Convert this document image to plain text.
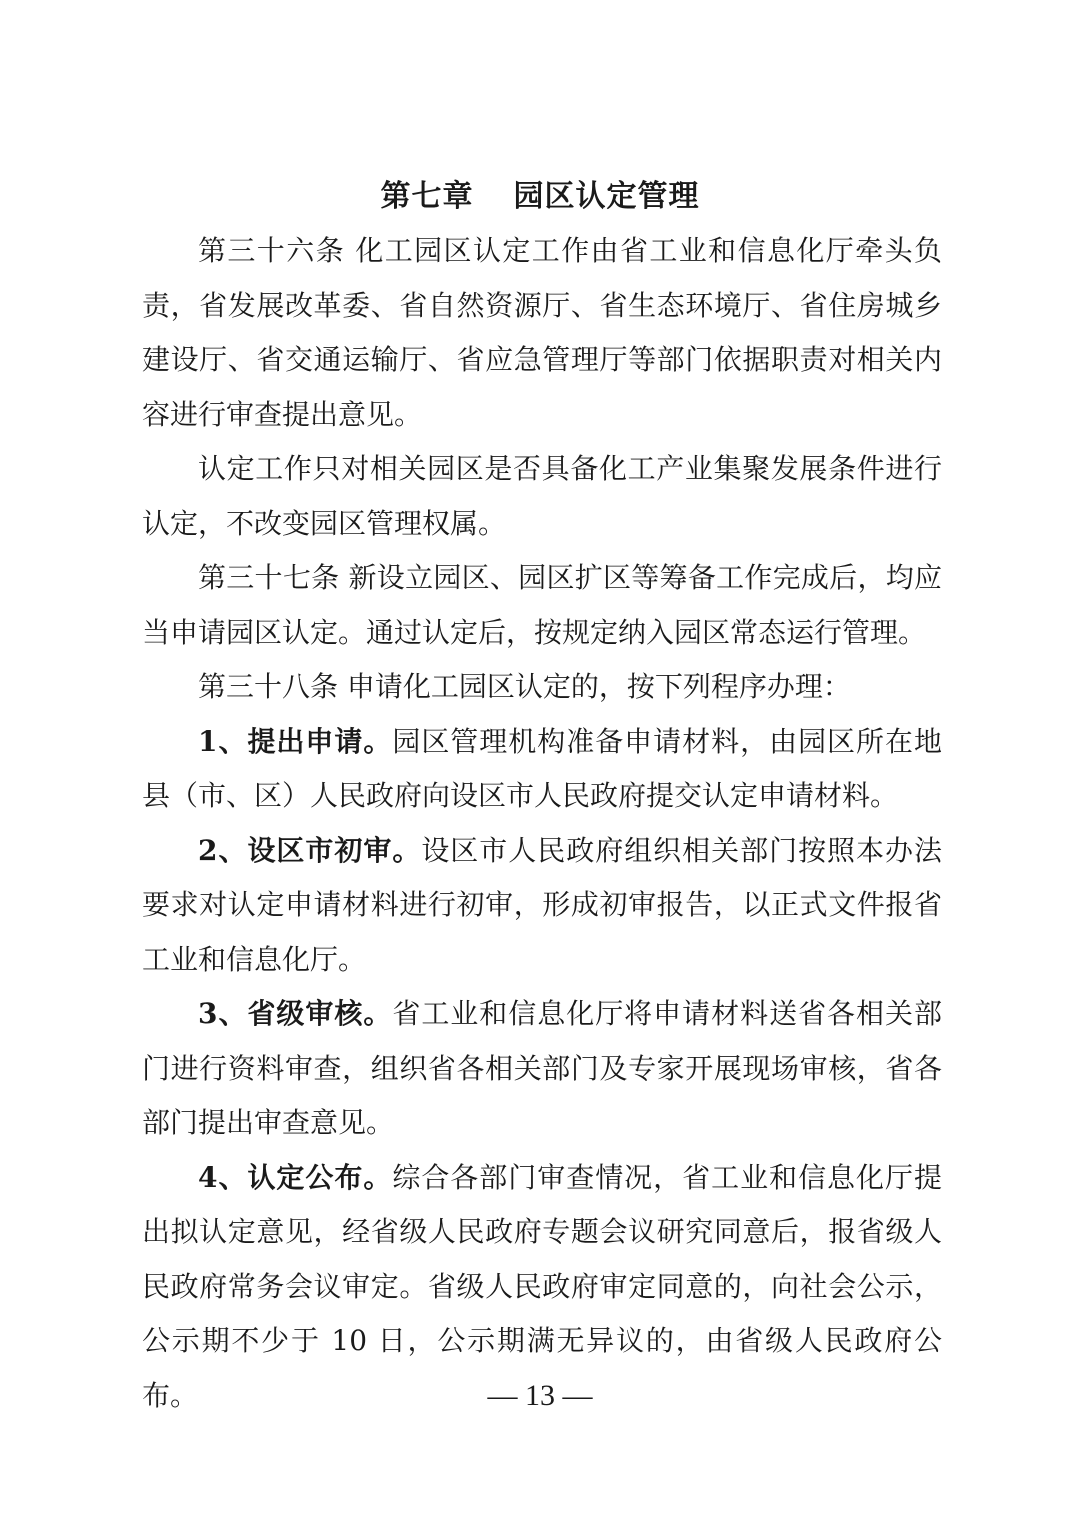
第七章 园区认定管理

第三十六条 化工园区认定工作由省工业和信息化厅牵头负责，省发展改革委、省自然资源厅、省生态环境厅、省住房城乡建设厅、省交通运输厅、省应急管理厅等部门依据职责对相关内容进行审查提出意见。

认定工作只对相关园区是否具备化工产业集聚发展条件进行认定，不改变园区管理权属。

第三十七条 新设立园区、园区扩区等筹备工作完成后，均应当申请园区认定。通过认定后，按规定纳入园区常态运行管理。

第三十八条 申请化工园区认定的，按下列程序办理：

1、提出申请。园区管理机构准备申请材料，由园区所在地县（市、区）人民政府向设区市人民政府提交认定申请材料。

2、设区市初审。设区市人民政府组织相关部门按照本办法要求对认定申请材料进行初审，形成初审报告，以正式文件报省工业和信息化厅。

3、省级审核。省工业和信息化厅将申请材料送省各相关部门进行资料审查，组织省各相关部门及专家开展现场审核，省各部门提出审查意见。

4、认定公布。综合各部门审查情况，省工业和信息化厅提出拟认定意见，经省级人民政府专题会议研究同意后，报省级人民政府常务会议审定。省级人民政府审定同意的，向社会公示，公示期不少于 10 日，公示期满无异议的，由省级人民政府公布。	— 13 —
